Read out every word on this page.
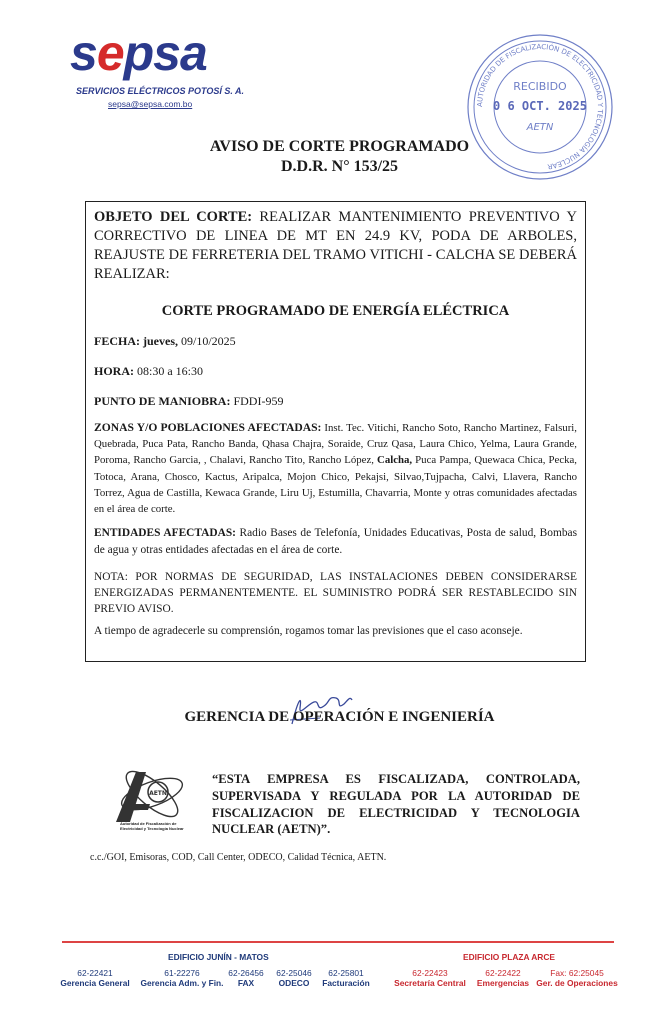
sepsa
SERVICIOS ELÉCTRICOS POTOSÍ S. A.
sepsa@sepsa.com.bo	AUTORIDAD DE FISCALIZACIÓN DE ELECTRICIDAD Y TECNOLOGÍA NUCLEAR
RECIBIDO
0 6 OCT. 2025
AETN
AVISO DE CORTE PROGRAMADO
D.D.R. N° 153/25

OBJETO DEL CORTE: REALIZAR MANTENIMIENTO PREVENTIVO Y CORRECTIVO DE LINEA DE MT EN 24.9 KV, PODA DE ARBOLES, REAJUSTE DE FERRETERIA DEL TRAMO VITICHI - CALCHA SE DEBERÁ REALIZAR:

CORTE PROGRAMADO DE ENERGÍA ELÉCTRICA
FECHA: jueves, 09/10/2025
HORA: 08:30 a 16:30
PUNTO DE MANIOBRA: FDDI-959
ZONAS Y/O POBLACIONES AFECTADAS: Inst. Tec. Vitichi, Rancho Soto, Rancho Martinez, Falsuri, Quebrada, Puca Pata, Rancho Banda, Qhasa Chajra, Soraide, Cruz Qasa, Laura Chico, Yelma, Laura Grande, Poroma, Rancho Garcia, , Chalavi, Rancho Tito, Rancho López, Calcha, Puca Pampa, Quewaca Chica, Pecka, Totoca, Arana, Chosco, Kactus, Aripalca, Mojon Chico, Pekajsi, Silvao,Tujpacha, Calvi, Llavera, Rancho Torrez, Agua de Castilla, Kewaca Grande, Liru Uj, Estumilla, Chavarria, Monte y otras comunidades afectadas en el área de corte.
ENTIDADES AFECTADAS: Radio Bases de Telefonía, Unidades Educativas, Posta de salud, Bombas de agua y otras entidades afectadas en el área de corte.
NOTA: POR NORMAS DE SEGURIDAD, LAS INSTALACIONES DEBEN CONSIDERARSE ENERGIZADAS PERMANENTEMENTE. EL SUMINISTRO PODRÁ SER RESTABLECIDO SIN PREVIO AVISO.
A tiempo de agradecerle su comprensión, rogamos tomar las previsiones que el caso aconseje.
GERENCIA DE OPERACIÓN E INGENIERÍA
AETN
Autoridad de Fiscalización de Electricidad y Tecnología Nuclear
“ESTA EMPRESA ES FISCALIZADA, CONTROLADA, SUPERVISADA Y REGULADA POR LA AUTORIDAD DE FISCALIZACION DE ELECTRICIDAD Y TECNOLOGIA NUCLEAR (AETN)”.
c.c./GOI, Emisoras, COD, Call Center, ODECO, Calidad Técnica, AETN.
EDIFICIO JUNÍN - MATOS	EDIFICIO PLAZA ARCE
62-22421
Gerencia General
61-22276
Gerencia Adm. y Fin.
62-26456
FAX
62-25046
ODECO
62-25801
Facturación
62-22423
Secretaría Central
62-22422
Emergencias
Fax: 62:25045
Ger. de Operaciones
